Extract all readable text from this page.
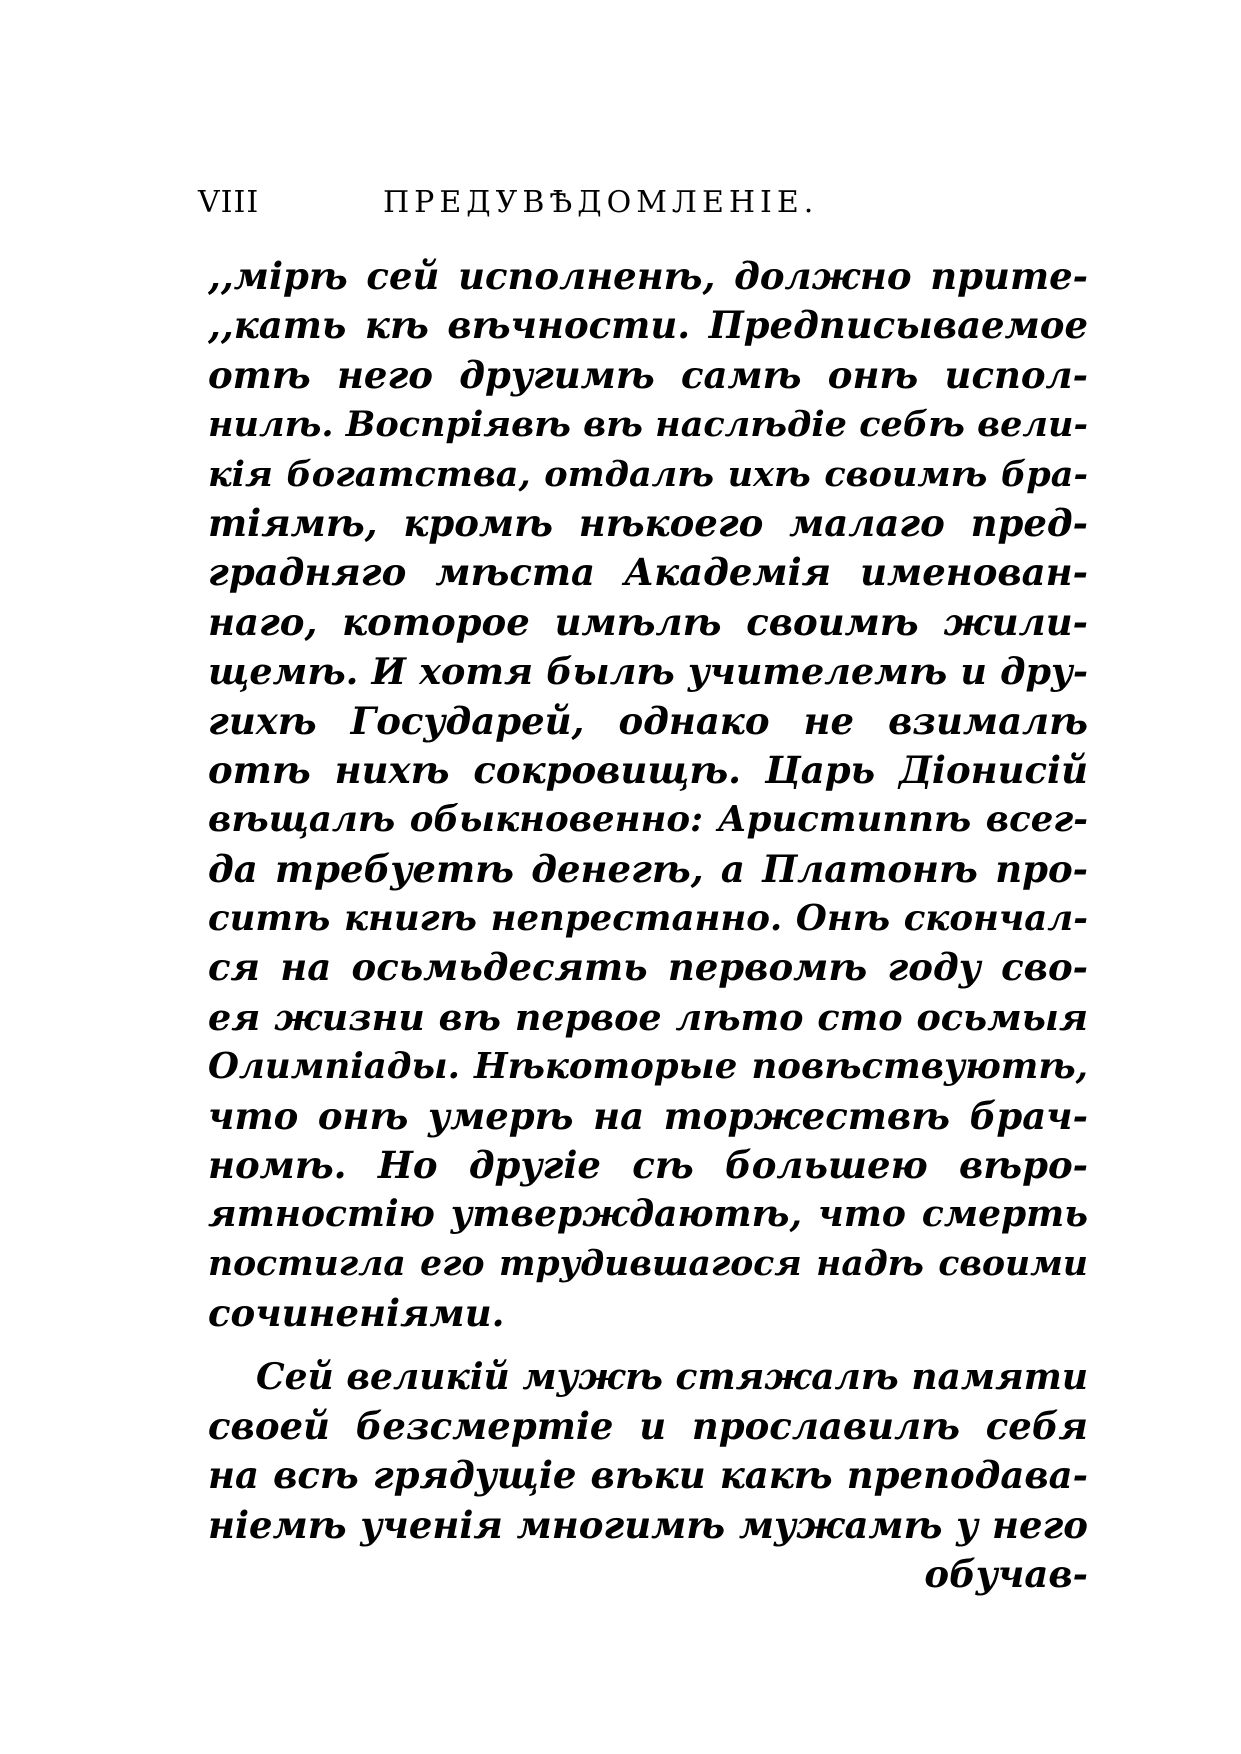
VIII	ПРЕДУВѢДОМЛЕНІЕ.
,,мірѣ сей исполненѣ, должно прите-
,,кать кѣ вѣчности. Предписываемое
отѣ него другимѣ самѣ онѣ испол-
нилѣ. Воспріявѣ вѣ наслѣдіе себѣ вели-
кія богатства, отдалѣ ихѣ своимѣ бра-
тіямѣ, кромѣ нѣкоего малаго пред-
градняго мѣста Академія именован-
наго, которое имѣлѣ своимѣ жили-
щемѣ. И хотя былѣ учителемѣ и дру-
гихѣ Государей, однако не взималѣ
отѣ нихѣ сокровищѣ. Царь Діонисій
вѣщалѣ обыкновенно: Аристиппѣ всег-
да требуетѣ денегѣ, а Платонѣ про-
ситѣ книгѣ непрестанно. Онѣ скончал-
ся на осьмьдесять первомѣ году сво-
ея жизни вѣ первое лѣто сто осьмыя
Олимпіады. Нѣкоторые повѣствуютѣ,
что онѣ умерѣ на торжествѣ брач-
номѣ. Но другіе сѣ большею вѣро-
ятностію утверждаютѣ, что смерть
постигла его трудившагося надѣ своими
сочиненіями.
Сей великій мужѣ стяжалѣ памяти
своей безсмертіе и прославилѣ себя
на всѣ грядущіе вѣки какѣ преподава-
ніемѣ ученія многимѣ мужамѣ у него
обучав-
